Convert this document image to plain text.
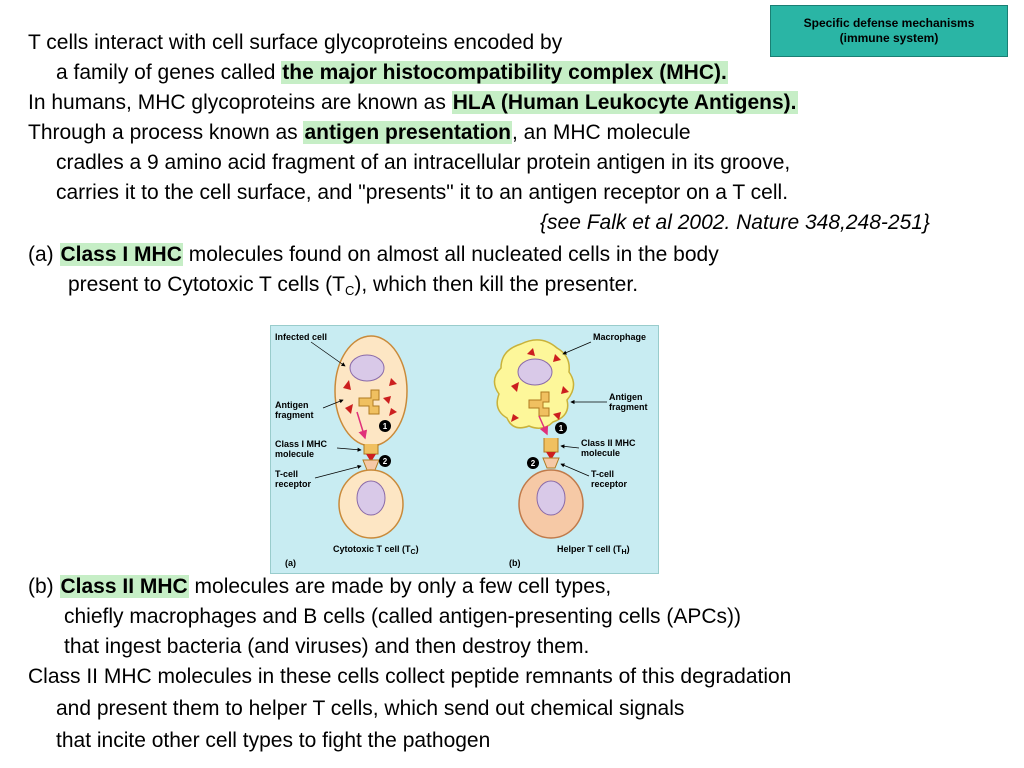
Specific defense mechanisms
(immune system)
T cells interact with cell surface glycoproteins encoded by
a family of genes called the major histocompatibility complex (MHC).
In humans, MHC glycoproteins are known as HLA (Human Leukocyte Antigens).
Through a process known as antigen presentation, an MHC molecule
cradles a 9 amino acid fragment of an intracellular protein antigen in its groove,
carries it to the cell surface, and "presents" it to an antigen receptor on a T cell.
{see Falk et al 2002. Nature 348,248-251}
(a) Class I MHC molecules found on almost all nucleated cells in the body
present to Cytotoxic T cells $(T_C)$, which then kill the presenter.
1
2
Infected cell
Antigen
fragment
Class I MHC
molecule
T-cell
receptor
Cytotoxic T cell $(T_C)$
(a)
1
2
Macrophage
Antigen
fragment
Class II MHC
molecule
T-cell
receptor
Helper T cell $(T_H)$
(b)
(b) Class II MHC molecules are made by only a few cell types,
chiefly macrophages and B cells (called antigen-presenting cells (APCs))
that ingest bacteria (and viruses) and then destroy them.
Class II MHC molecules in these cells collect peptide remnants of this degradation
and present them to helper T cells, which send out chemical signals
that incite other cell types to fight the pathogen
